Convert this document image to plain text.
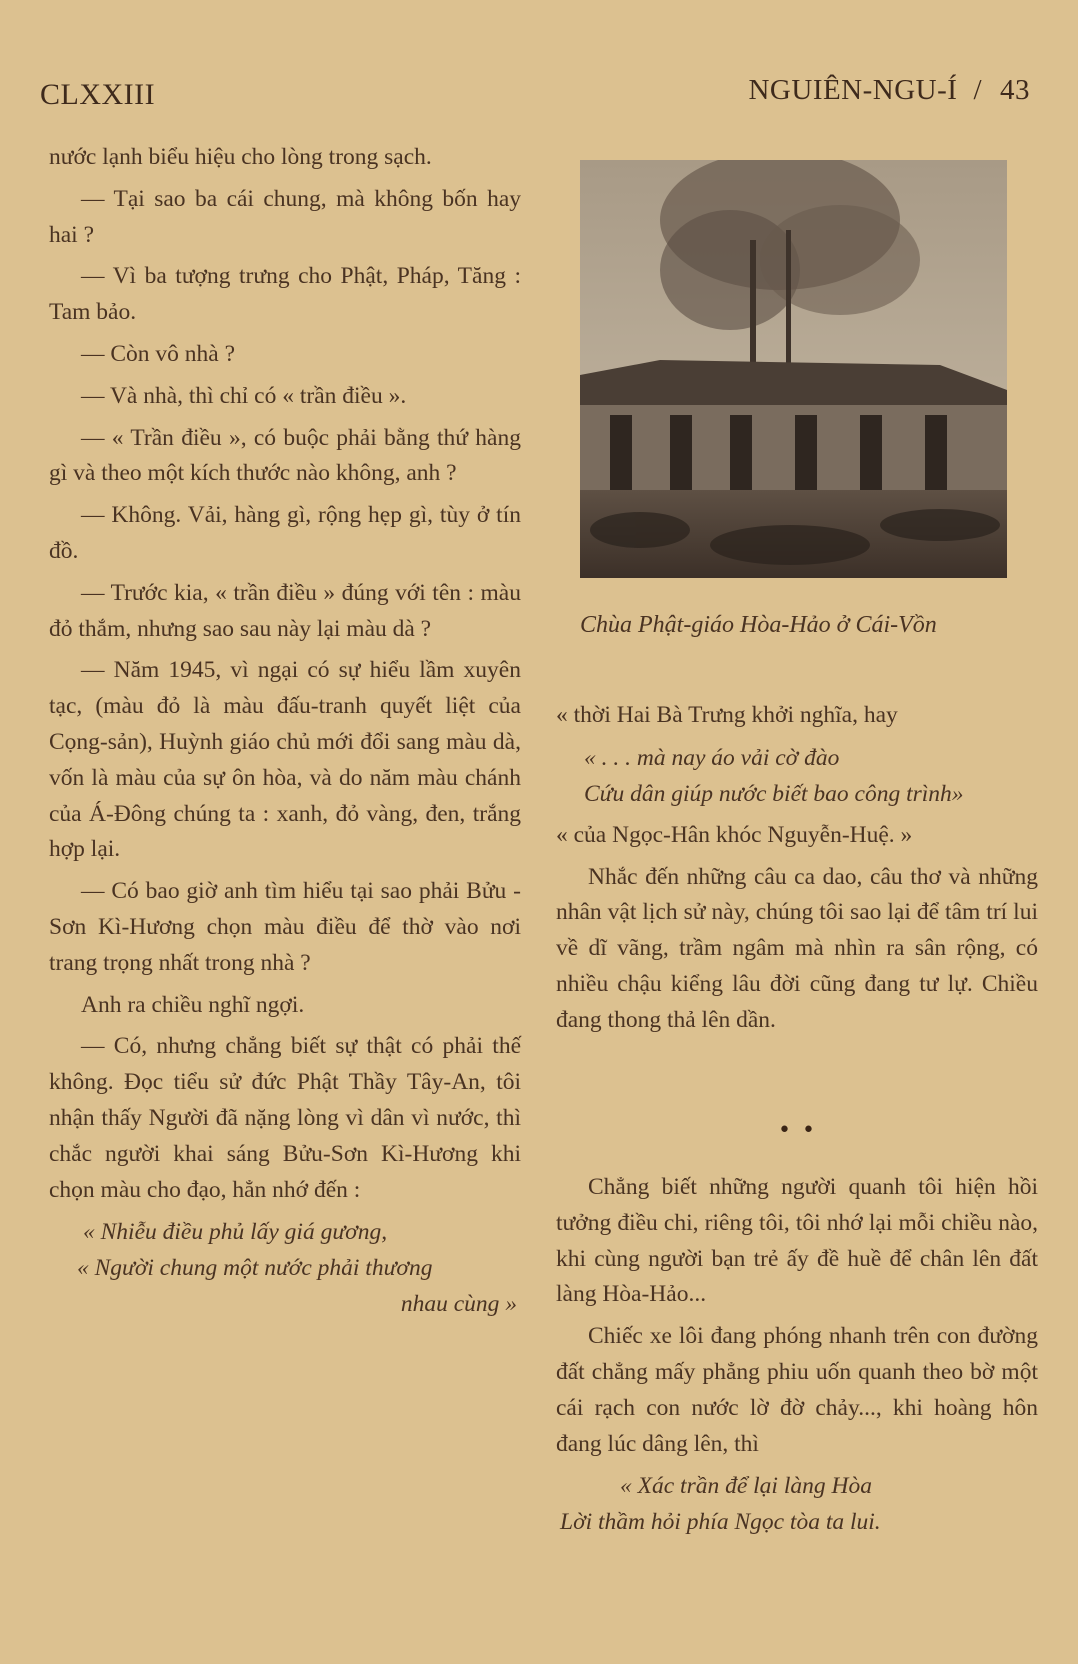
CLXXIII	NGUIÊN-NGU-Í / 43

nước lạnh biểu hiệu cho lòng trong sạch.

— Tại sao ba cái chung, mà không bốn hay hai ?

— Vì ba tượng trưng cho Phật, Pháp, Tăng : Tam bảo.

— Còn vô nhà ?

— Và nhà, thì chỉ có « trần điều ».

— « Trần điều », có buộc phải bằng thứ hàng gì và theo một kích thước nào không, anh ?

— Không. Vải, hàng gì, rộng hẹp gì, tùy ở tín đồ.

— Trước kia, « trần điều » đúng với tên : màu đỏ thắm, nhưng sao sau này lại màu dà ?

— Năm 1945, vì ngại có sự hiểu lầm xuyên tạc, (màu đỏ là màu đấu-tranh quyết liệt của Cọng-sản), Huỳnh giáo chủ mới đổi sang màu dà, vốn là màu của sự ôn hòa, và do năm màu chánh của Á-Đông chúng ta : xanh, đỏ vàng, đen, trắng hợp lại.

— Có bao giờ anh tìm hiểu tại sao phải Bửu - Sơn Kì-Hương chọn màu điều để thờ vào nơi trang trọng nhất trong nhà ?

Anh ra chiều nghĩ ngợi.

— Có, nhưng chẳng biết sự thật có phải thế không. Đọc tiểu sử đức Phật Thầy Tây-An, tôi nhận thấy Người đã nặng lòng vì dân vì nước, thì chắc người khai sáng Bửu-Sơn Kì-Hương khi chọn màu cho đạo, hẳn nhớ đến :

« Nhiễu điều phủ lấy giá gương,
« Người chung một nước phải thương
nhau cùng »
Chùa Phật-giáo Hòa-Hảo ở Cái-Vồn

« thời Hai Bà Trưng khởi nghĩa, hay

« . . . mà nay áo vải cờ đào
Cứu dân giúp nước biết bao công trình»

« của Ngọc-Hân khóc Nguyễn-Huệ. »

Nhắc đến những câu ca dao, câu thơ và những nhân vật lịch sử này, chúng tôi sao lại để tâm trí lui về dĩ vãng, trầm ngâm mà nhìn ra sân rộng, có nhiều chậu kiểng lâu đời cũng đang tư lự. Chiều đang thong thả lên dần.

• •

Chẳng biết những người quanh tôi hiện hồi tưởng điều chi, riêng tôi, tôi nhớ lại mỗi chiều nào, khi cùng người bạn trẻ ấy đề huề để chân lên đất làng Hòa-Hảo...

Chiếc xe lôi đang phóng nhanh trên con đường đất chẳng mấy phẳng phiu uốn quanh theo bờ một cái rạch con nước lờ đờ chảy..., khi hoàng hôn đang lúc dâng lên, thì

« Xác trần để lại làng Hòa
Lời thầm hỏi phía Ngọc tòa ta lui.
